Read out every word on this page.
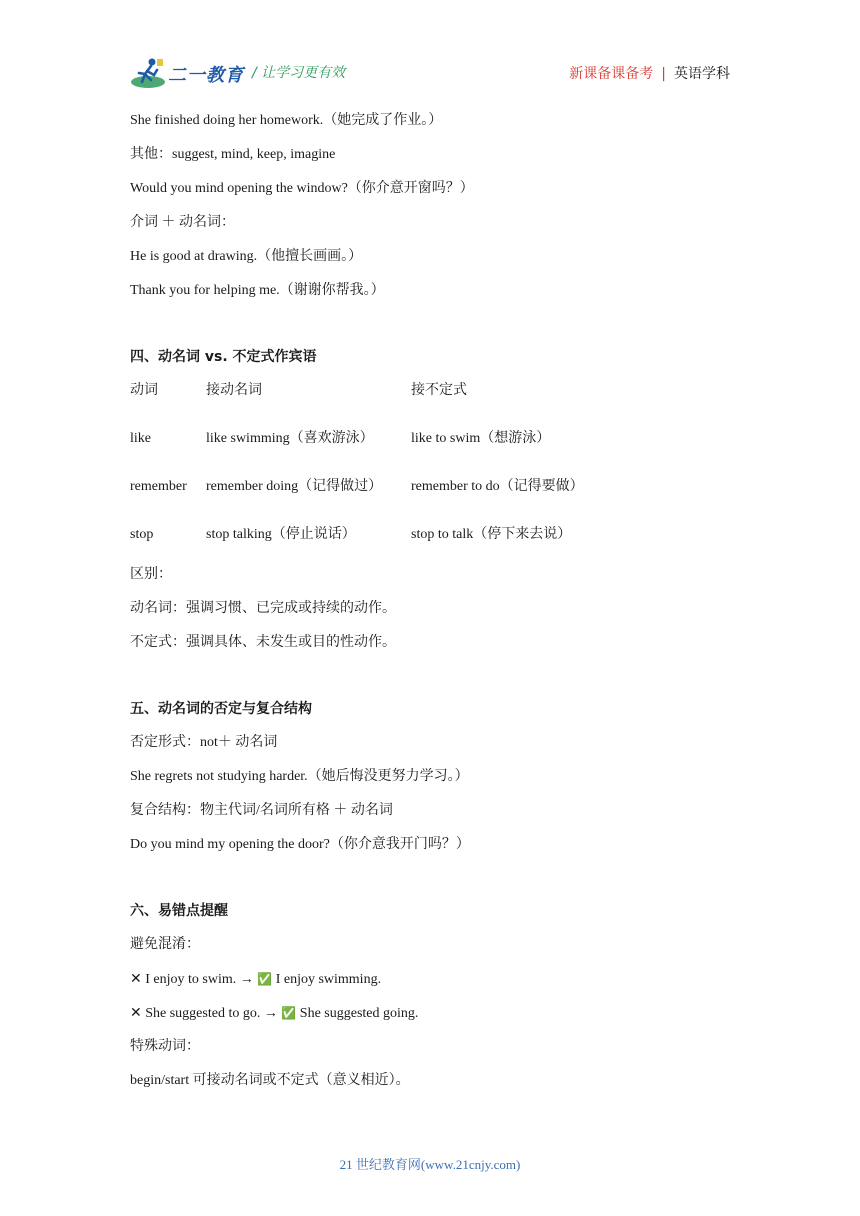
二一教育 / 让学习更有效	新课备课备考 | 英语学科
She finished doing her homework.（她完成了作业。）
其他：suggest, mind, keep, imagine
Would you mind opening the window?（你介意开窗吗？）
介词 ＋ 动名词：
He is good at drawing.（他擅长画画。）
Thank you for helping me.（谢谢你帮我。）
四、动名词 vs. 不定式作宾语
动词	接动名词	接不定式
like	like swimming（喜欢游泳）	like to swim（想游泳）
remember	remember doing（记得做过）	remember to do（记得要做）
stop	stop talking（停止说话）	stop to talk（停下来去说）
区别：
动名词：强调习惯、已完成或持续的动作。
不定式：强调具体、未发生或目的性动作。
五、动名词的否定与复合结构
否定形式：not＋ 动名词
She regrets not studying harder.（她后悔没更努力学习。）
复合结构：物主代词/名词所有格 ＋ 动名词
Do you mind my opening the door?（你介意我开门吗？）
六、易错点提醒
避免混淆：
✕ I enjoy to swim. → ✅ I enjoy swimming.
✕ She suggested to go. → ✅ She suggested going.
特殊动词：
begin/start 可接动名词或不定式（意义相近）。
21 世纪教育网(www.21cnjy.com)
